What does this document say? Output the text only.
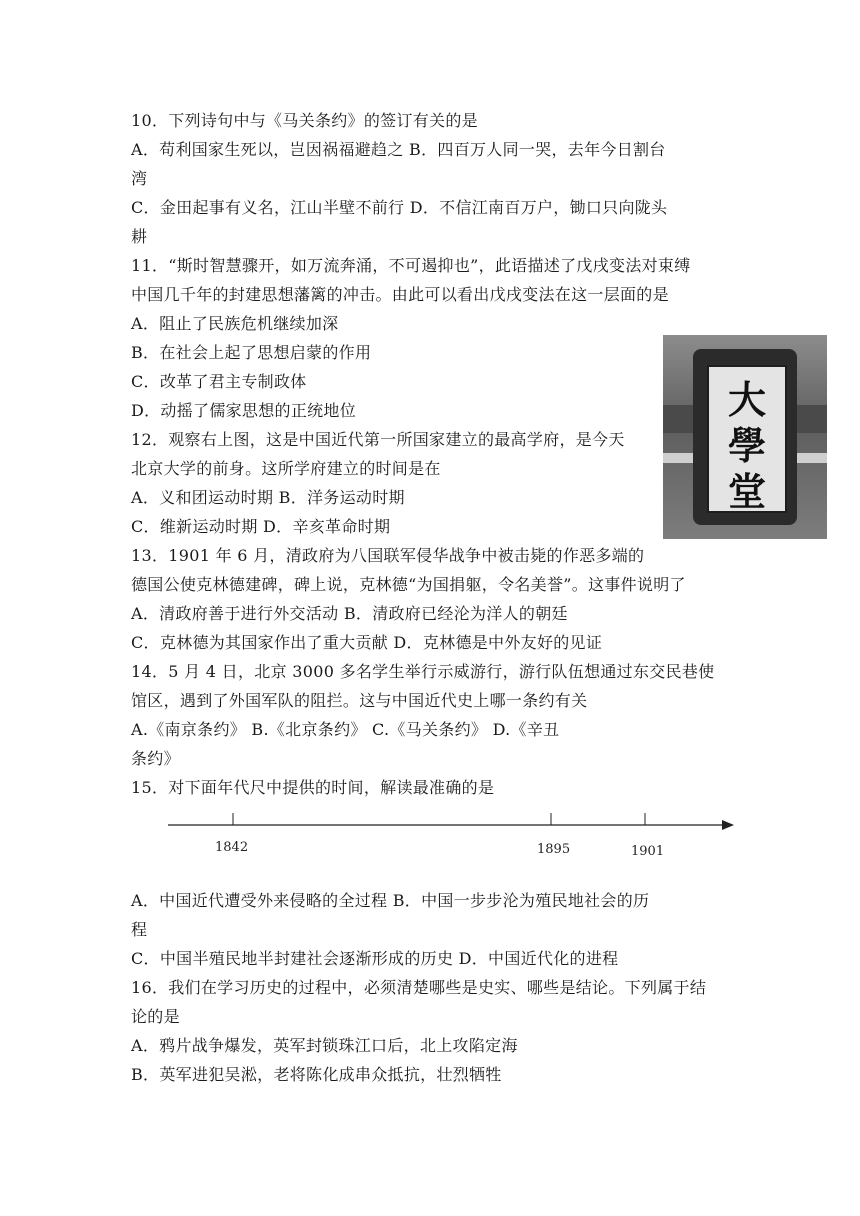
10．下列诗句中与《马关条约》的签订有关的是
A．苟利国家生死以，岂因祸福避趋之 B．四百万人同一哭，去年今日割台
湾
C．金田起事有义名，江山半壁不前行 D．不信江南百万户，锄口只向陇头
耕
11．“斯时智慧骤开，如万流奔涌，不可遏抑也”，此语描述了戊戌变法对束缚
中国几千年的封建思想藩篱的冲击。由此可以看出戊戌变法在这一层面的是
A．阻止了民族危机继续加深
B．在社会上起了思想启蒙的作用
C．改革了君主专制政体
D．动摇了儒家思想的正统地位
12．观察右上图，这是中国近代第一所国家建立的最高学府，是今天
北京大学的前身。这所学府建立的时间是在
A．义和团运动时期 B．洋务运动时期
C．维新运动时期 D．辛亥革命时期
13．1901 年 6 月，清政府为八国联军侵华战争中被击毙的作恶多端的
德国公使克林德建碑，碑上说，克林德“为国捐躯，令名美誉”。这事件说明了
A．清政府善于进行外交活动 B．清政府已经沦为洋人的朝廷
C．克林德为其国家作出了重大贡献 D．克林德是中外友好的见证
14．5 月 4 日，北京 3000 多名学生举行示威游行，游行队伍想通过东交民巷使
馆区，遇到了外国军队的阻拦。这与中国近代史上哪一条约有关
A.《南京条约》 B.《北京条约》 C.《马关条约》 D.《辛丑
条约》
15．对下面年代尺中提供的时间，解读最准确的是
1842	1895	1901
A．中国近代遭受外来侵略的全过程 B．中国一步步沦为殖民地社会的历
程
C．中国半殖民地半封建社会逐渐形成的历史 D．中国近代化的进程
16．我们在学习历史的过程中，必须清楚哪些是史实、哪些是结论。下列属于结
论的是
A．鸦片战争爆发，英军封锁珠江口后，北上攻陷定海
B．英军进犯吴淞，老将陈化成串众抵抗，壮烈牺牲
大
學
堂
